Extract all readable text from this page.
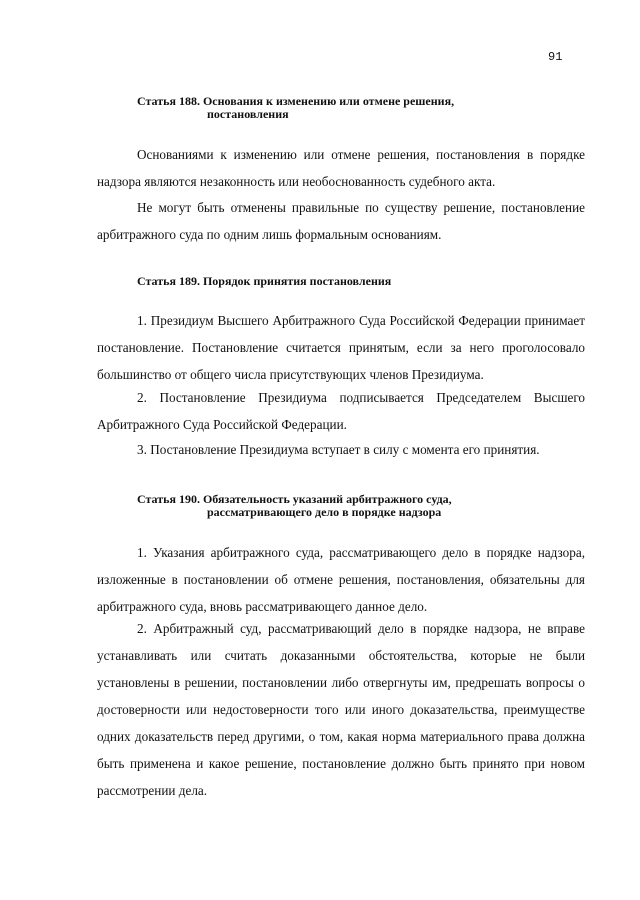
91
Статья 188. Основания к изменению или отмене решения,
постановления

Основаниями к изменению или отмене решения, постановления в порядке надзора являются незаконность или необоснованность судебного акта.

Не могут быть отменены правильные по существу решение, постановление арбитражного суда по одним лишь формальным основаниям.

Статья 189. Порядок принятия постановления

1. Президиум Высшего Арбитражного Суда Российской Федерации принимает постановление. Постановление считается принятым, если за него проголосовало большинство от общего числа присутствующих членов Президиума.

2. Постановление Президиума подписывается Председателем Высшего Арбитражного Суда Российской Федерации.

3. Постановление Президиума вступает в силу с момента его принятия.

Статья 190. Обязательность указаний арбитражного суда,
рассматривающего дело в порядке надзора

1. Указания арбитражного суда, рассматривающего дело в порядке надзора, изложенные в постановлении об отмене решения, постановления, обязательны для арбитражного суда, вновь рассматривающего данное дело.

2. Арбитражный суд, рассматривающий дело в порядке надзора, не вправе устанавливать или считать доказанными обстоятельства, которые не были установлены в решении, постановлении либо отвергнуты им, предрешать вопросы о достоверности или недостоверности того или иного доказательства, преимуществе одних доказательств перед другими, о том, какая норма материального права должна быть применена и какое решение, постановление должно быть принято при новом рассмотрении дела.
